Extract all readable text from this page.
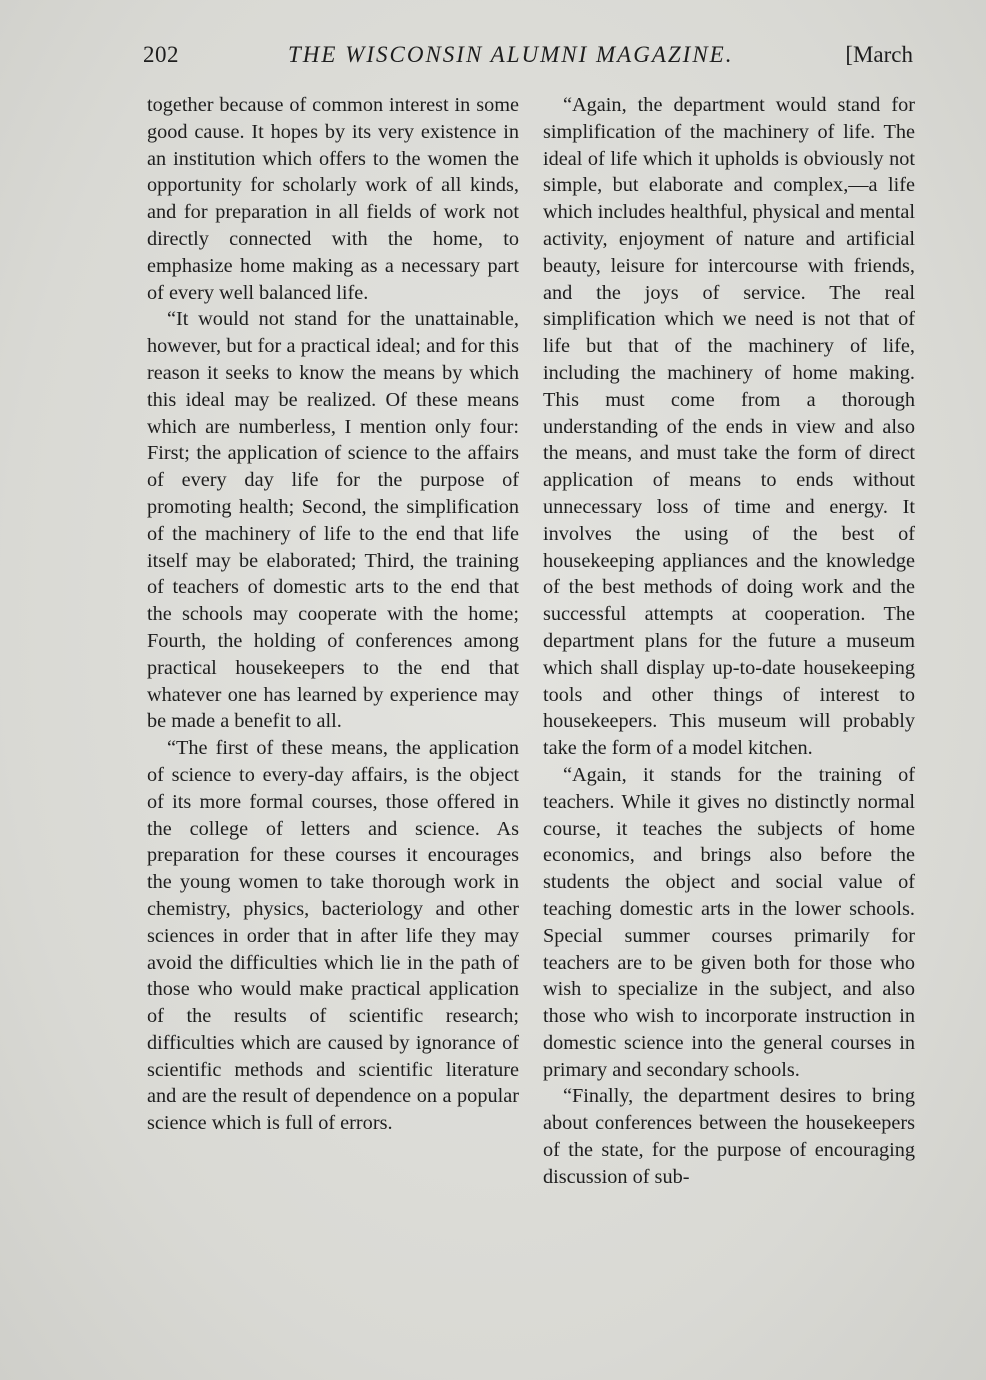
202	THE WISCONSIN ALUMNI MAGAZINE.	[March

together because of common interest in some good cause. It hopes by its very existence in an institution which offers to the women the opportunity for scholarly work of all kinds, and for preparation in all fields of work not directly connected with the home, to emphasize home making as a necessary part of every well balanced life.

“It would not stand for the unattainable, however, but for a practical ideal; and for this reason it seeks to know the means by which this ideal may be realized. Of these means which are numberless, I mention only four: First; the application of science to the affairs of every day life for the purpose of promoting health; Second, the simplification of the machinery of life to the end that life itself may be elaborated; Third, the training of teachers of domestic arts to the end that the schools may cooperate with the home; Fourth, the holding of conferences among practical housekeepers to the end that whatever one has learned by experience may be made a benefit to all.

“The first of these means, the application of science to every-day affairs, is the object of its more formal courses, those offered in the college of letters and science. As preparation for these courses it encourages the young women to take thorough work in chemistry, physics, bacteriology and other sciences in order that in after life they may avoid the difficulties which lie in the path of those who would make practical application of the results of scientific research; difficulties which are caused by ignorance of scientific methods and scientific literature and are the result of dependence on a popular science which is full of errors.

“Again, the department would stand for simplification of the machinery of life. The ideal of life which it upholds is obviously not simple, but elaborate and complex,—a life which includes healthful, physical and mental activity, enjoyment of nature and artificial beauty, leisure for intercourse with friends, and the joys of service. The real simplification which we need is not that of life but that of the machinery of life, including the machinery of home making. This must come from a thorough understanding of the ends in view and also the means, and must take the form of direct application of means to ends without unnecessary loss of time and energy. It involves the using of the best of housekeeping appliances and the knowledge of the best methods of doing work and the successful attempts at cooperation. The department plans for the future a museum which shall display up-to-date housekeeping tools and other things of interest to housekeepers. This museum will probably take the form of a model kitchen.

“Again, it stands for the training of teachers. While it gives no distinctly normal course, it teaches the subjects of home economics, and brings also before the students the object and social value of teaching domestic arts in the lower schools. Special summer courses primarily for teachers are to be given both for those who wish to specialize in the subject, and also those who wish to incorporate instruction in domestic science into the general courses in primary and secondary schools.

“Finally, the department desires to bring about conferences between the housekeepers of the state, for the purpose of encouraging discussion of sub-
